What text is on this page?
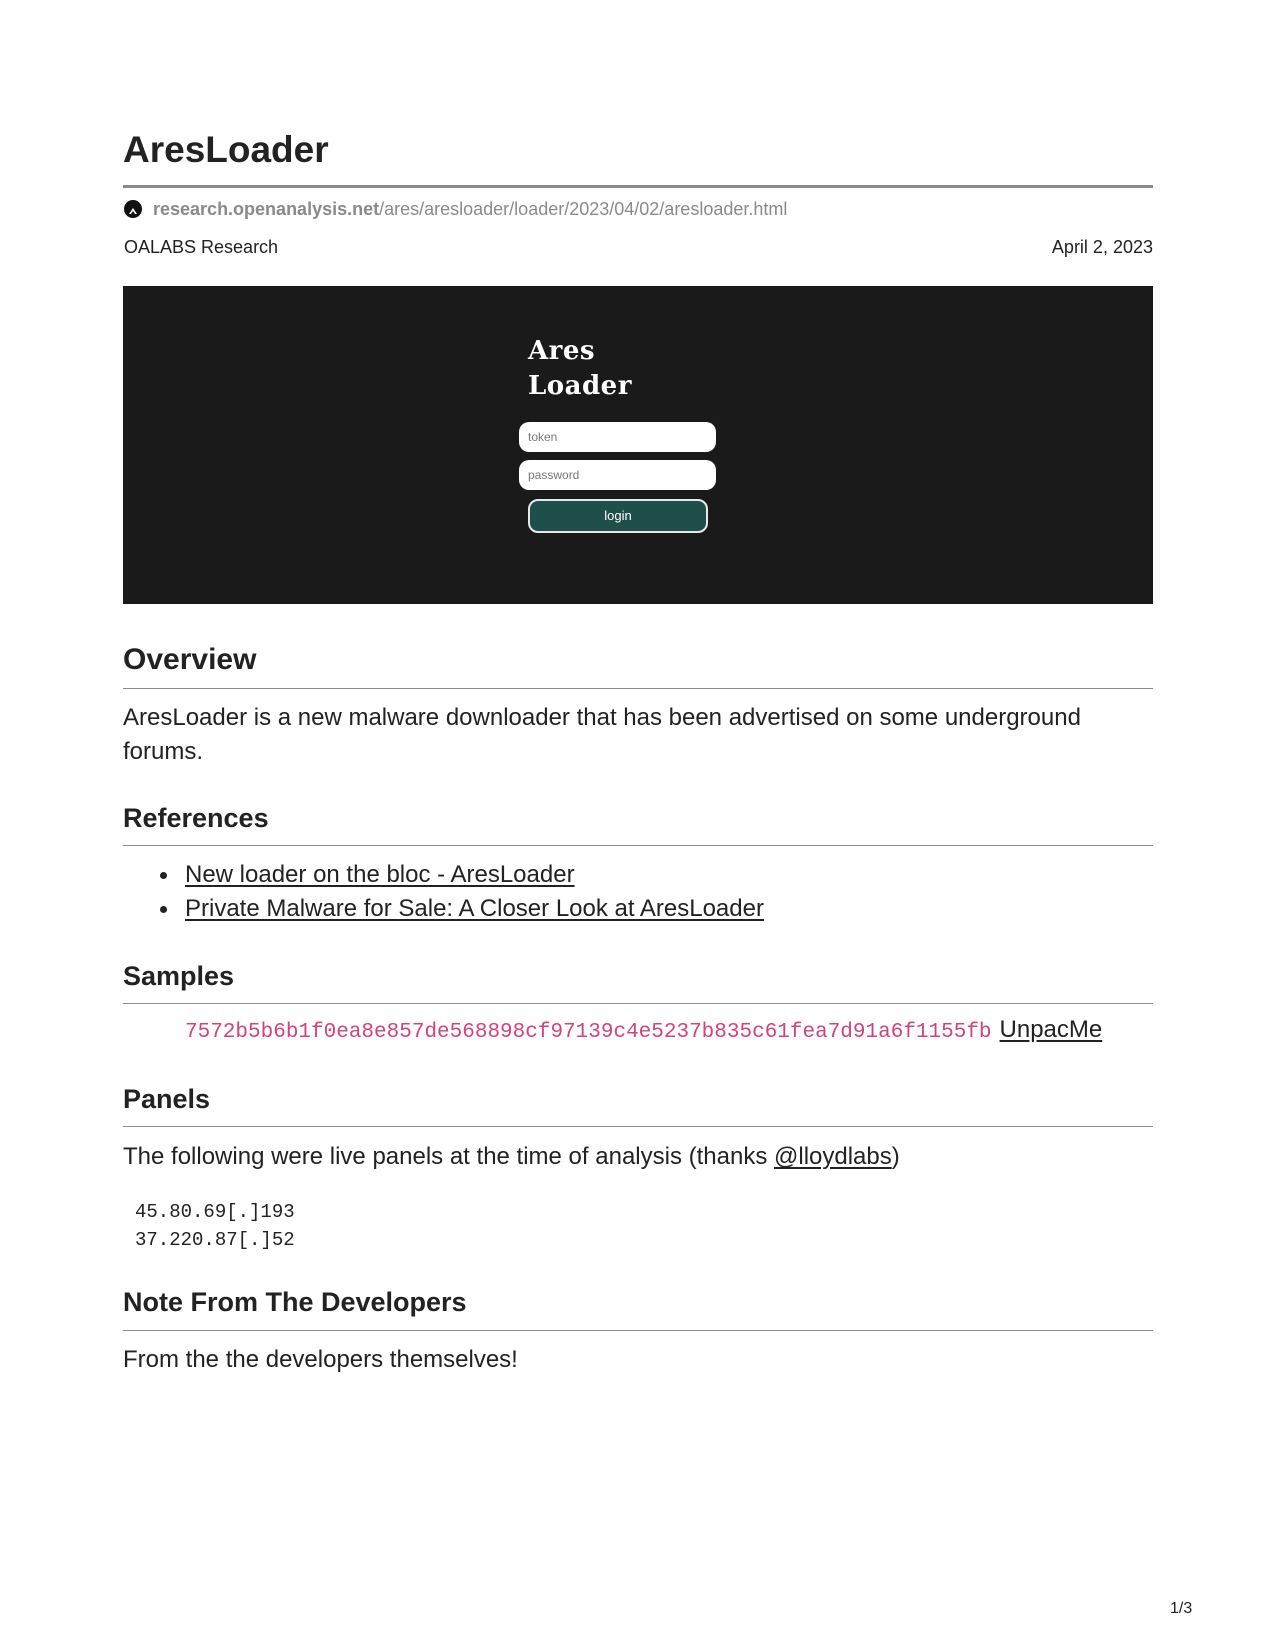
AresLoader
research.openanalysis.net /ares/aresloader/loader/2023/04/02/aresloader.html
OALABS Research	April 2, 2023
Ares
Loader
token
password
login
Overview

AresLoader is a new malware downloader that has been advertised on some underground forums.

References
New loader on the bloc - AresLoader
Private Malware for Sale: A Closer Look at AresLoader
Samples
7572b5b6b1f0ea8e857de568898cf97139c4e5237b835c61fea7d91a6f1155fb UnpacMe
Panels

The following were live panels at the time of analysis (thanks @lloydlabs)

45.80.69[.]193
37.220.87[.]52
Note From The Developers

From the the developers themselves!

1/3
